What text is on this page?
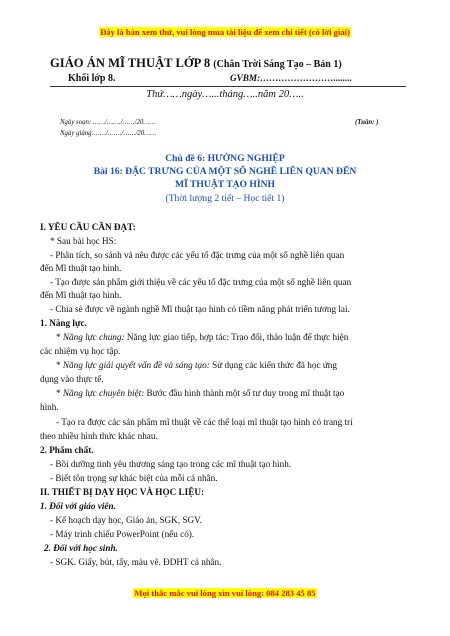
Đây là bản xem thử, vui lòng mua tài liệu để xem chi tiết (có lời giải)
GIÁO ÁN MĨ THUẬT LỚP 8 (Chân Trời Sáng Tạo – Bản 1)
Khối lớp 8.	GVBM:……………………........
Thứ……ngày…...tháng…..năm 20…..
Ngày soạn: ……/……./……/20……
Ngày giảng:……/……./……/20……
(Tuần: )
Chủ đề 6: HƯỚNG NGHIỆP
Bài 16: ĐẶC TRƯNG CỦA MỘT SỐ NGHỀ LIÊN QUAN ĐẾN
MĨ THUẬT TẠO HÌNH
(Thời lượng 2 tiết – Học tiết 1)
I. YÊU CẦU CẦN ĐẠT:
* Sau bài học HS:
- Phân tích, so sánh và nêu được các yếu tố đặc trưng của một số nghề liên quan
đến Mĩ thuật tạo hình.
- Tạo được sản phẩm giới thiệu về các yếu tố đặc trưng của một số nghề liên quan
đến Mĩ thuật tạo hình.
- Chia sẻ được về ngành nghề Mĩ thuật tạo hình có tiềm năng phát triển tương lai.
1. Năng lực.
* Năng lực chung: Năng lực giao tiếp, hợp tác: Trao đổi, thảo luận để thực hiện
các nhiệm vụ học tập.
* Năng lực giải quyết vấn đề và sáng tạo: Sử dụng các kiến thức đã học ứng
dụng vào thực tế.
* Năng lực chuyên biệt: Bước đầu hình thành một số tư duy trong mĩ thuật tạo
hình.
- Tạo ra được các sản phẩm mĩ thuật về các thể loại mĩ thuật tạo hình có trang trí
theo nhiều hình thức khác nhau.
2. Phẩm chất.
- Bồi dưỡng tình yêu thương sáng tạo trong các mĩ thuật tạo hình.
- Biết tôn trọng sự khác biệt của mỗi cá nhân.
II. THIẾT BỊ DẠY HỌC VÀ HỌC LIỆU:
1. Đối với giáo viên.
- Kế hoạch dạy học, Giáo án, SGK, SGV.
- Máy trình chiếu PowerPoint (nếu có).
2. Đối với học sinh.
- SGK. Giấy, bút, tẩy, màu vẽ. ĐDHT cá nhân.
Mọi thắc mắc vui lòng xin vui lòng: 084 283 45 85
